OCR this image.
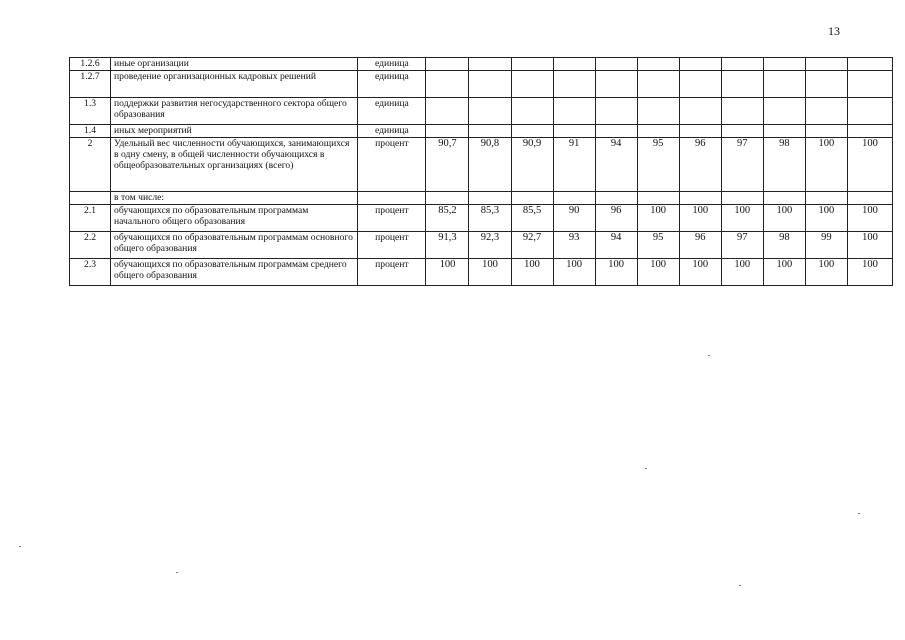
13
1.2.6	иные организации	единица											
1.2.7	проведение организационных кадровых решений	единица											
1.3	поддержки развития негосударственного сектора общего образования	единица											
1.4	иных мероприятий	единица											
2	Удельный вес численности обучающихся, занимающихся в одну смену, в общей численности обучающихся в общеобразовательных организациях (всего)	процент	90,7	90,8	90,9	91	94	95	96	97	98	100	100
	в том числе:												
2.1	обучающихся по образовательным программам начального общего образования	процент	85,2	85,3	85,5	90	96	100	100	100	100	100	100
2.2	обучающихся по образовательным программам основного общего образования	процент	91,3	92,3	92,7	93	94	95	96	97	98	99	100
2.3	обучающихся по образовательным программам среднего общего образования	процент	100	100	100	100	100	100	100	100	100	100	100
